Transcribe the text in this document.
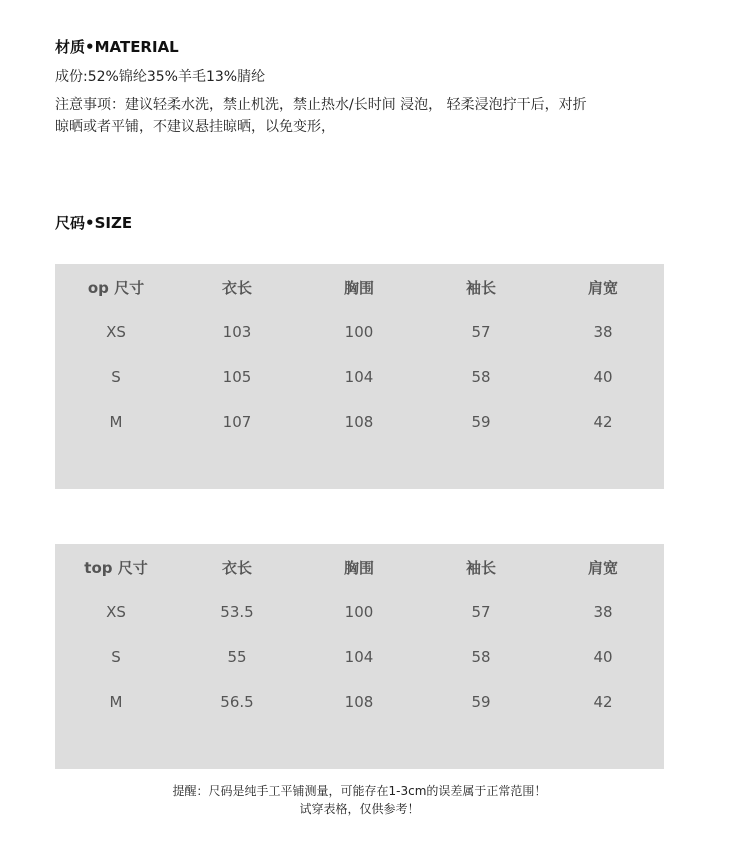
材质•MATERIAL

成份:52%锦纶35%羊毛13%腈纶

注意事项：建议轻柔水洗，禁止机洗，禁止热水/长时间 浸泡， 轻柔浸泡拧干后，对折

晾晒或者平铺，不建议悬挂晾晒，以免变形，

尺码•SIZE
op 尺寸	衣长	胸围	袖长	肩宽
XS	103	100	57	38
S	105	104	58	40
M	107	108	59	42
top 尺寸	衣长	胸围	袖长	肩宽
XS	53.5	100	57	38
S	55	104	58	40
M	56.5	108	59	42

提醒：尺码是纯手工平铺测量，可能存在1-3cm的误差属于正常范围！

试穿表格，仅供参考！
